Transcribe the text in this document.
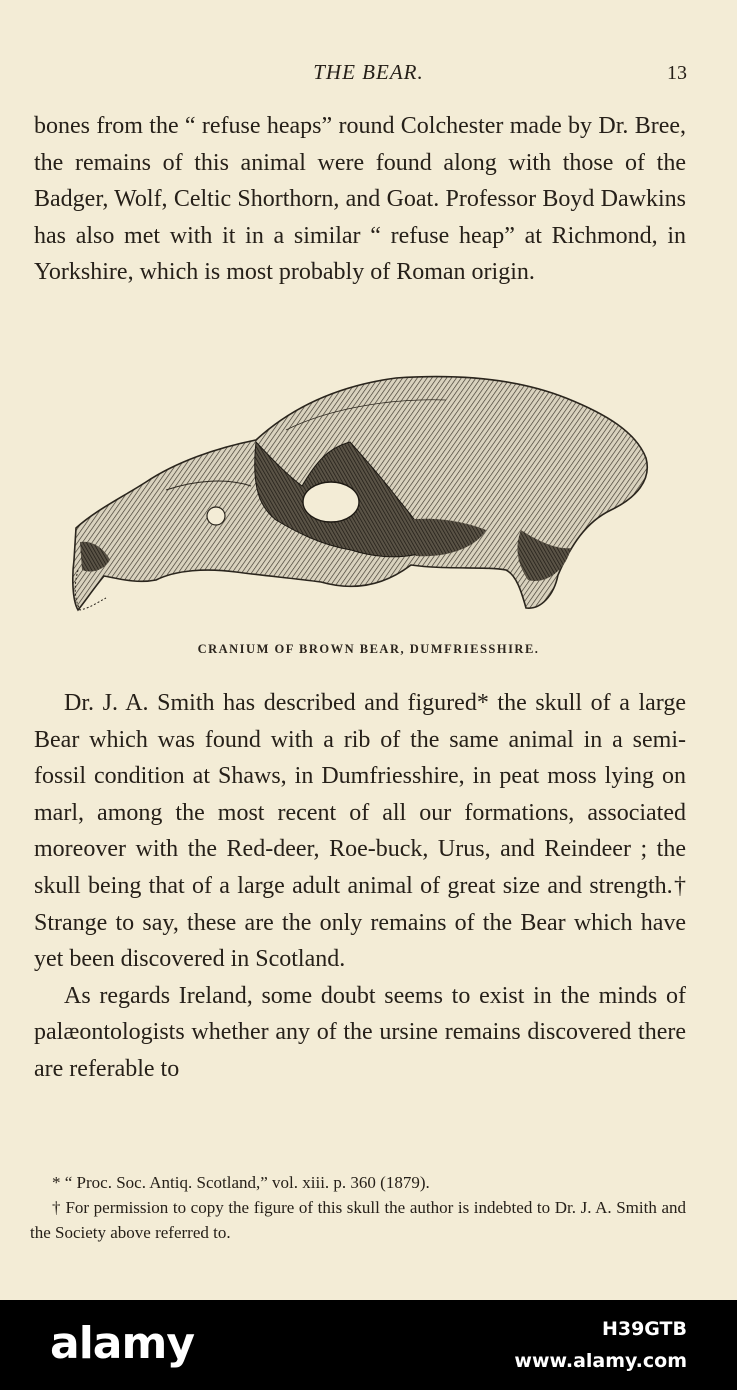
THE BEAR.	13

bones from the “ refuse heaps” round Colchester made by Dr. Bree, the remains of this animal were found along with those of the Badger, Wolf, Celtic Shorthorn, and Goat. Professor Boyd Dawkins has also met with it in a similar “ refuse heap” at Richmond, in Yorkshire, which is most probably of Roman origin.

CRANIUM OF BROWN BEAR, DUMFRIESSHIRE.

Dr. J. A. Smith has described and figured* the skull of a large Bear which was found with a rib of the same animal in a semi-fossil condition at Shaws, in Dumfriesshire, in peat moss lying on marl, among the most recent of all our formations, associated moreover with the Red-deer, Roe-buck, Urus, and Reindeer ; the skull being that of a large adult animal of great size and strength.† Strange to say, these are the only remains of the Bear which have yet been discovered in Scotland.

As regards Ireland, some doubt seems to exist in the minds of palæontologists whether any of the ursine remains discovered there are referable to

* “ Proc. Soc. Antiq. Scotland,” vol. xiii. p. 360 (1879).

† For permission to copy the figure of this skull the author is indebted to Dr. J. A. Smith and the Society above referred to.

alamy	H39GTB
www.alamy.com
